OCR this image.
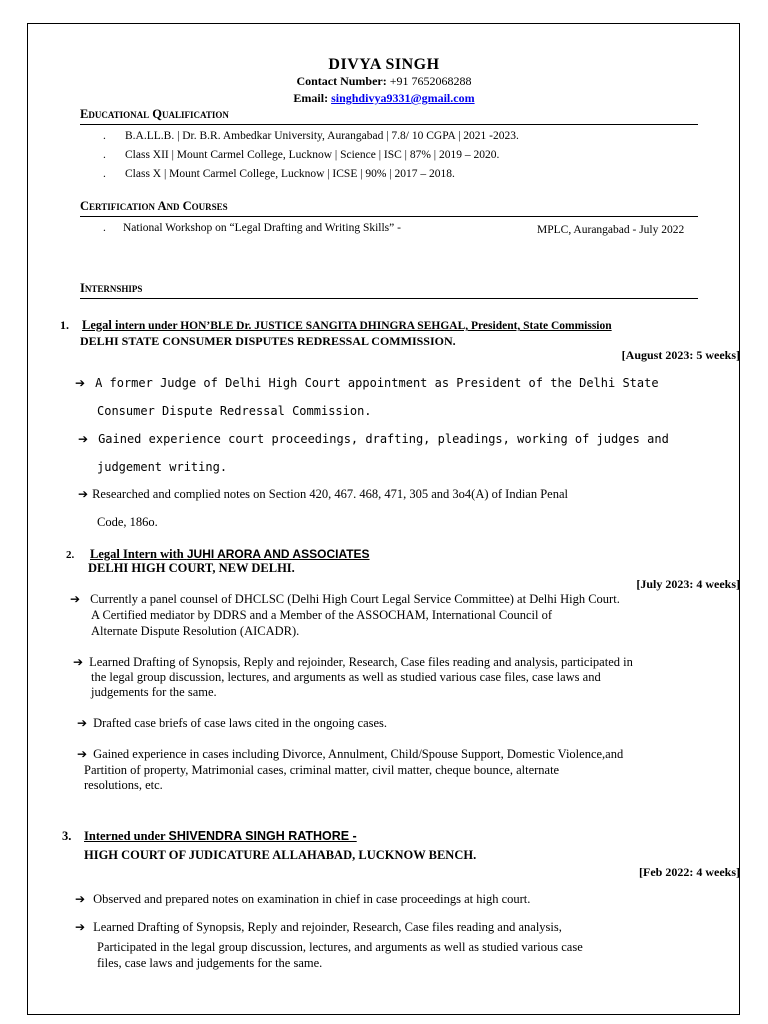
DIVYA SINGH
Contact Number: +91 7652068288
Email: singhdivya9331@gmail.com
Educational Qualification
. B.A.LL.B. | Dr. B.R. Ambedkar University, Aurangabad | 7.8/ 10 CGPA | 2021 -2023.
. Class XII | Mount Carmel College, Lucknow | Science | ISC | 87% | 2019 – 2020.
. Class X | Mount Carmel College, Lucknow | ICSE | 90% | 2017 – 2018.
Certification And Courses
. National Workshop on “Legal Drafting and Writing Skills” -	MPLC, Aurangabad - July 2022
Internships
1. Legal intern under HON’BLE Dr. JUSTICE SANGITA DHINGRA SEHGAL, President, State Commission
DELHI STATE CONSUMER DISPUTES REDRESSAL COMMISSION.
[August 2023: 5 weeks]
➔ A former Judge of Delhi High Court appointment as President of the Delhi State
Consumer Dispute Redressal Commission.
➔ Gained experience court proceedings, drafting, pleadings, working of judges and
judgement writing.
➔ Researched and complied notes on Section 420, 467. 468, 471, 305 and 3o4(A) of Indian Penal
Code, 186o.
2. Legal Intern with JUHI ARORA AND ASSOCIATES
DELHI HIGH COURT, NEW DELHI.
[July 2023: 4 weeks]
➔ Currently a panel counsel of DHCLSC (Delhi High Court Legal Service Committee) at Delhi High Court.
A Certified mediator by DDRS and a Member of the ASSOCHAM, International Council of
Alternate Dispute Resolution (AICADR).
➔ Learned Drafting of Synopsis, Reply and rejoinder, Research, Case files reading and analysis, participated in
the legal group discussion, lectures, and arguments as well as studied various case files, case laws and
judgements for the same.
➔ Drafted case briefs of case laws cited in the ongoing cases.
➔ Gained experience in cases including Divorce, Annulment, Child/Spouse Support, Domestic Violence,and
Partition of property, Matrimonial cases, criminal matter, civil matter, cheque bounce, alternate
resolutions, etc.
3. Interned under SHIVENDRA SINGH RATHORE -
HIGH COURT OF JUDICATURE ALLAHABAD, LUCKNOW BENCH.
[Feb 2022: 4 weeks]
➔ Observed and prepared notes on examination in chief in case proceedings at high court.
➔ Learned Drafting of Synopsis, Reply and rejoinder, Research, Case files reading and analysis,
Participated in the legal group discussion, lectures, and arguments as well as studied various case
files, case laws and judgements for the same.
